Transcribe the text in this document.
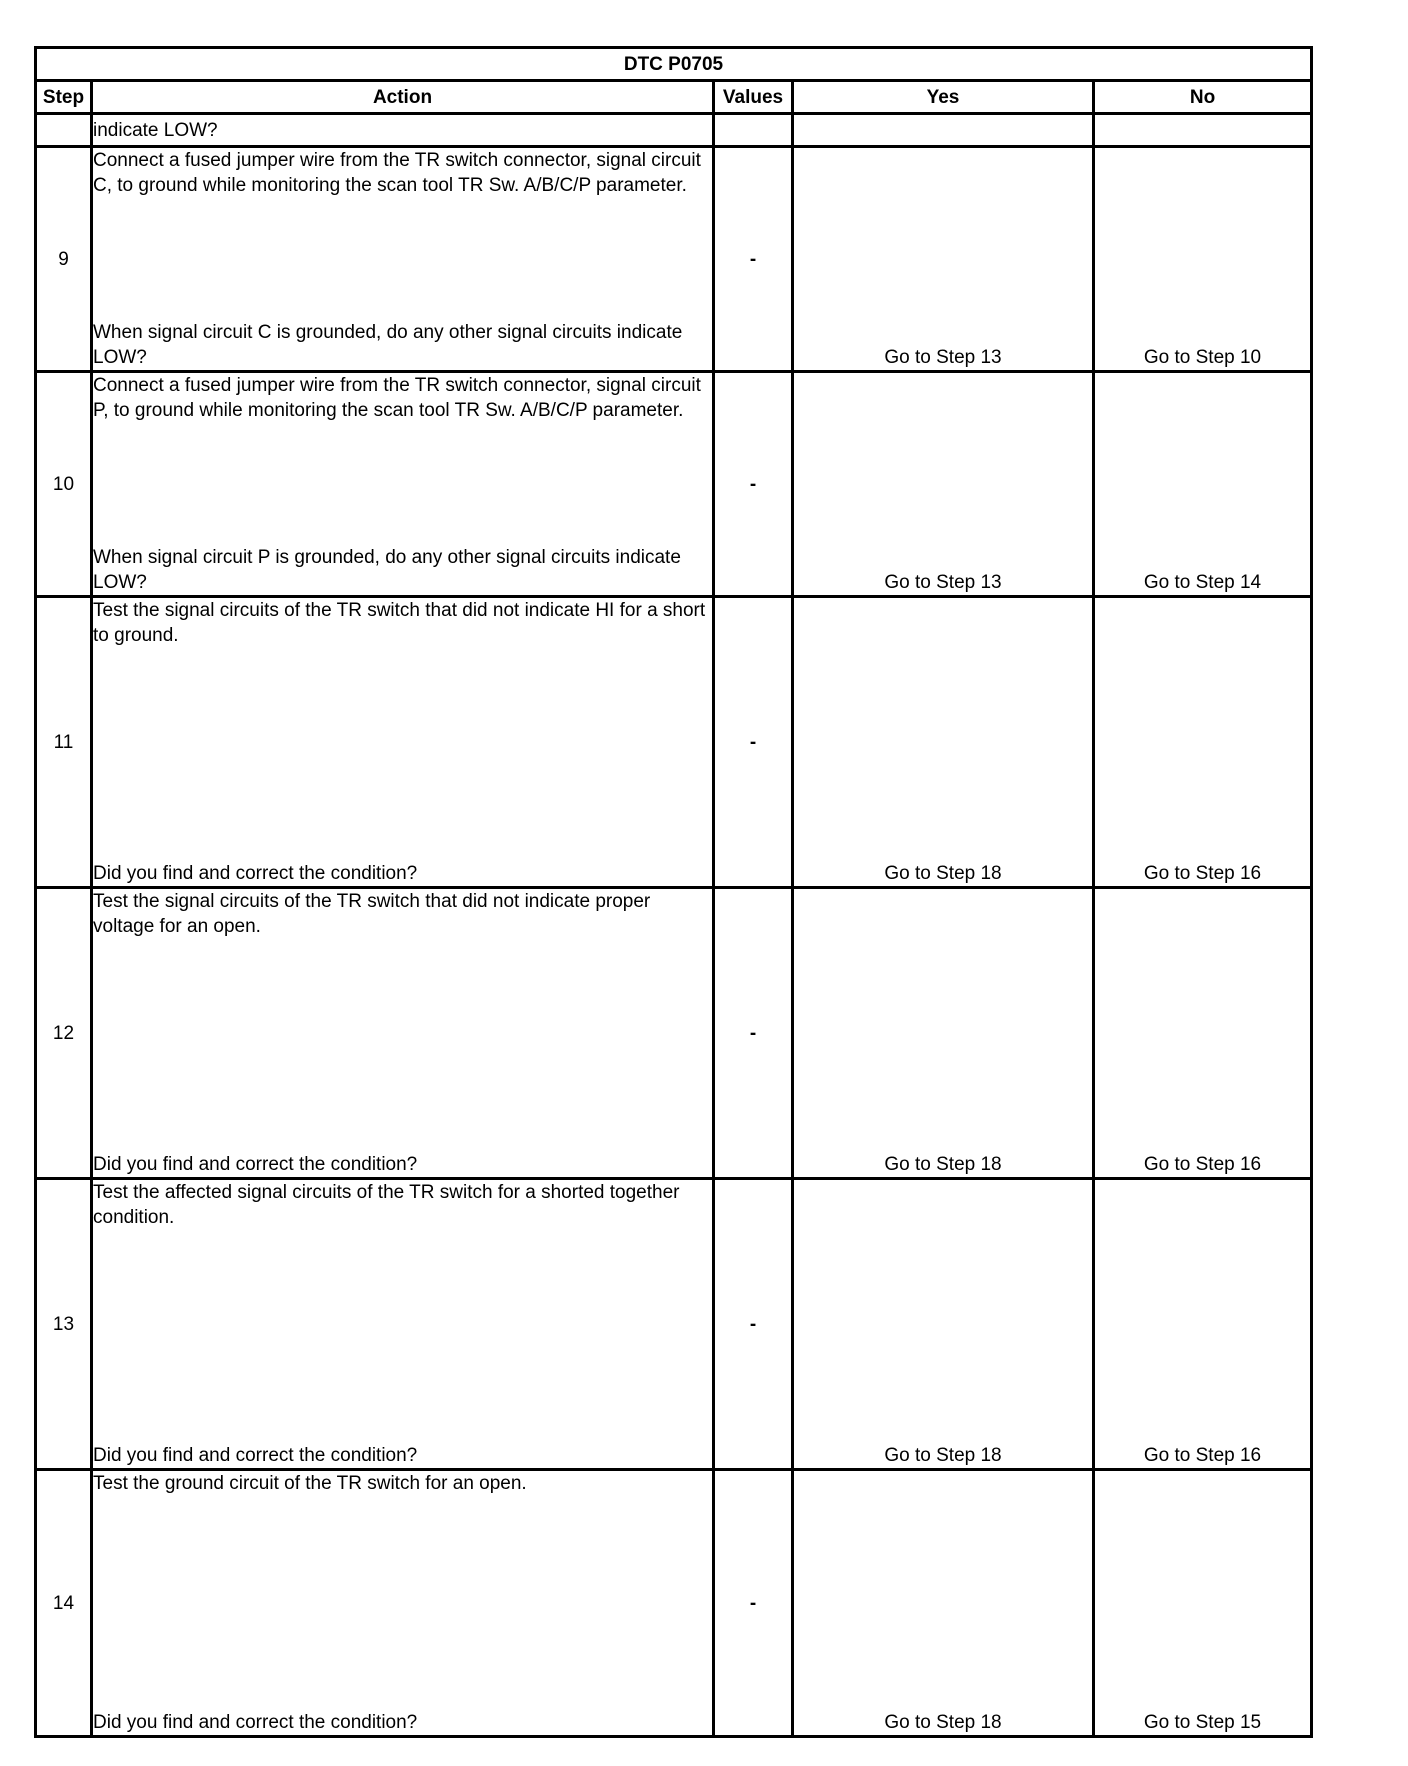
DTC P0705				
Step	Action	Values	Yes	No
	indicate LOW?			
9	Connect a fused jumper wire from the TR switch connector, signal circuit C, to ground while monitoring the scan tool TR Sw. A/B/C/P parameter.
When signal circuit C is grounded, do any other signal circuits indicate LOW?	-	Go to Step 13	Go to Step 10
10	Connect a fused jumper wire from the TR switch connector, signal circuit P, to ground while monitoring the scan tool TR Sw. A/B/C/P parameter.
When signal circuit P is grounded, do any other signal circuits indicate LOW?	-	Go to Step 13	Go to Step 14
11	Test the signal circuits of the TR switch that did not indicate HI for a short to ground.
Did you find and correct the condition?	-	Go to Step 18	Go to Step 16
12	Test the signal circuits of the TR switch that did not indicate proper voltage for an open.
Did you find and correct the condition?	-	Go to Step 18	Go to Step 16
13	Test the affected signal circuits of the TR switch for a shorted together condition.
Did you find and correct the condition?	-	Go to Step 18	Go to Step 16
14	Test the ground circuit of the TR switch for an open.
Did you find and correct the condition?	-	Go to Step 18	Go to Step 15
